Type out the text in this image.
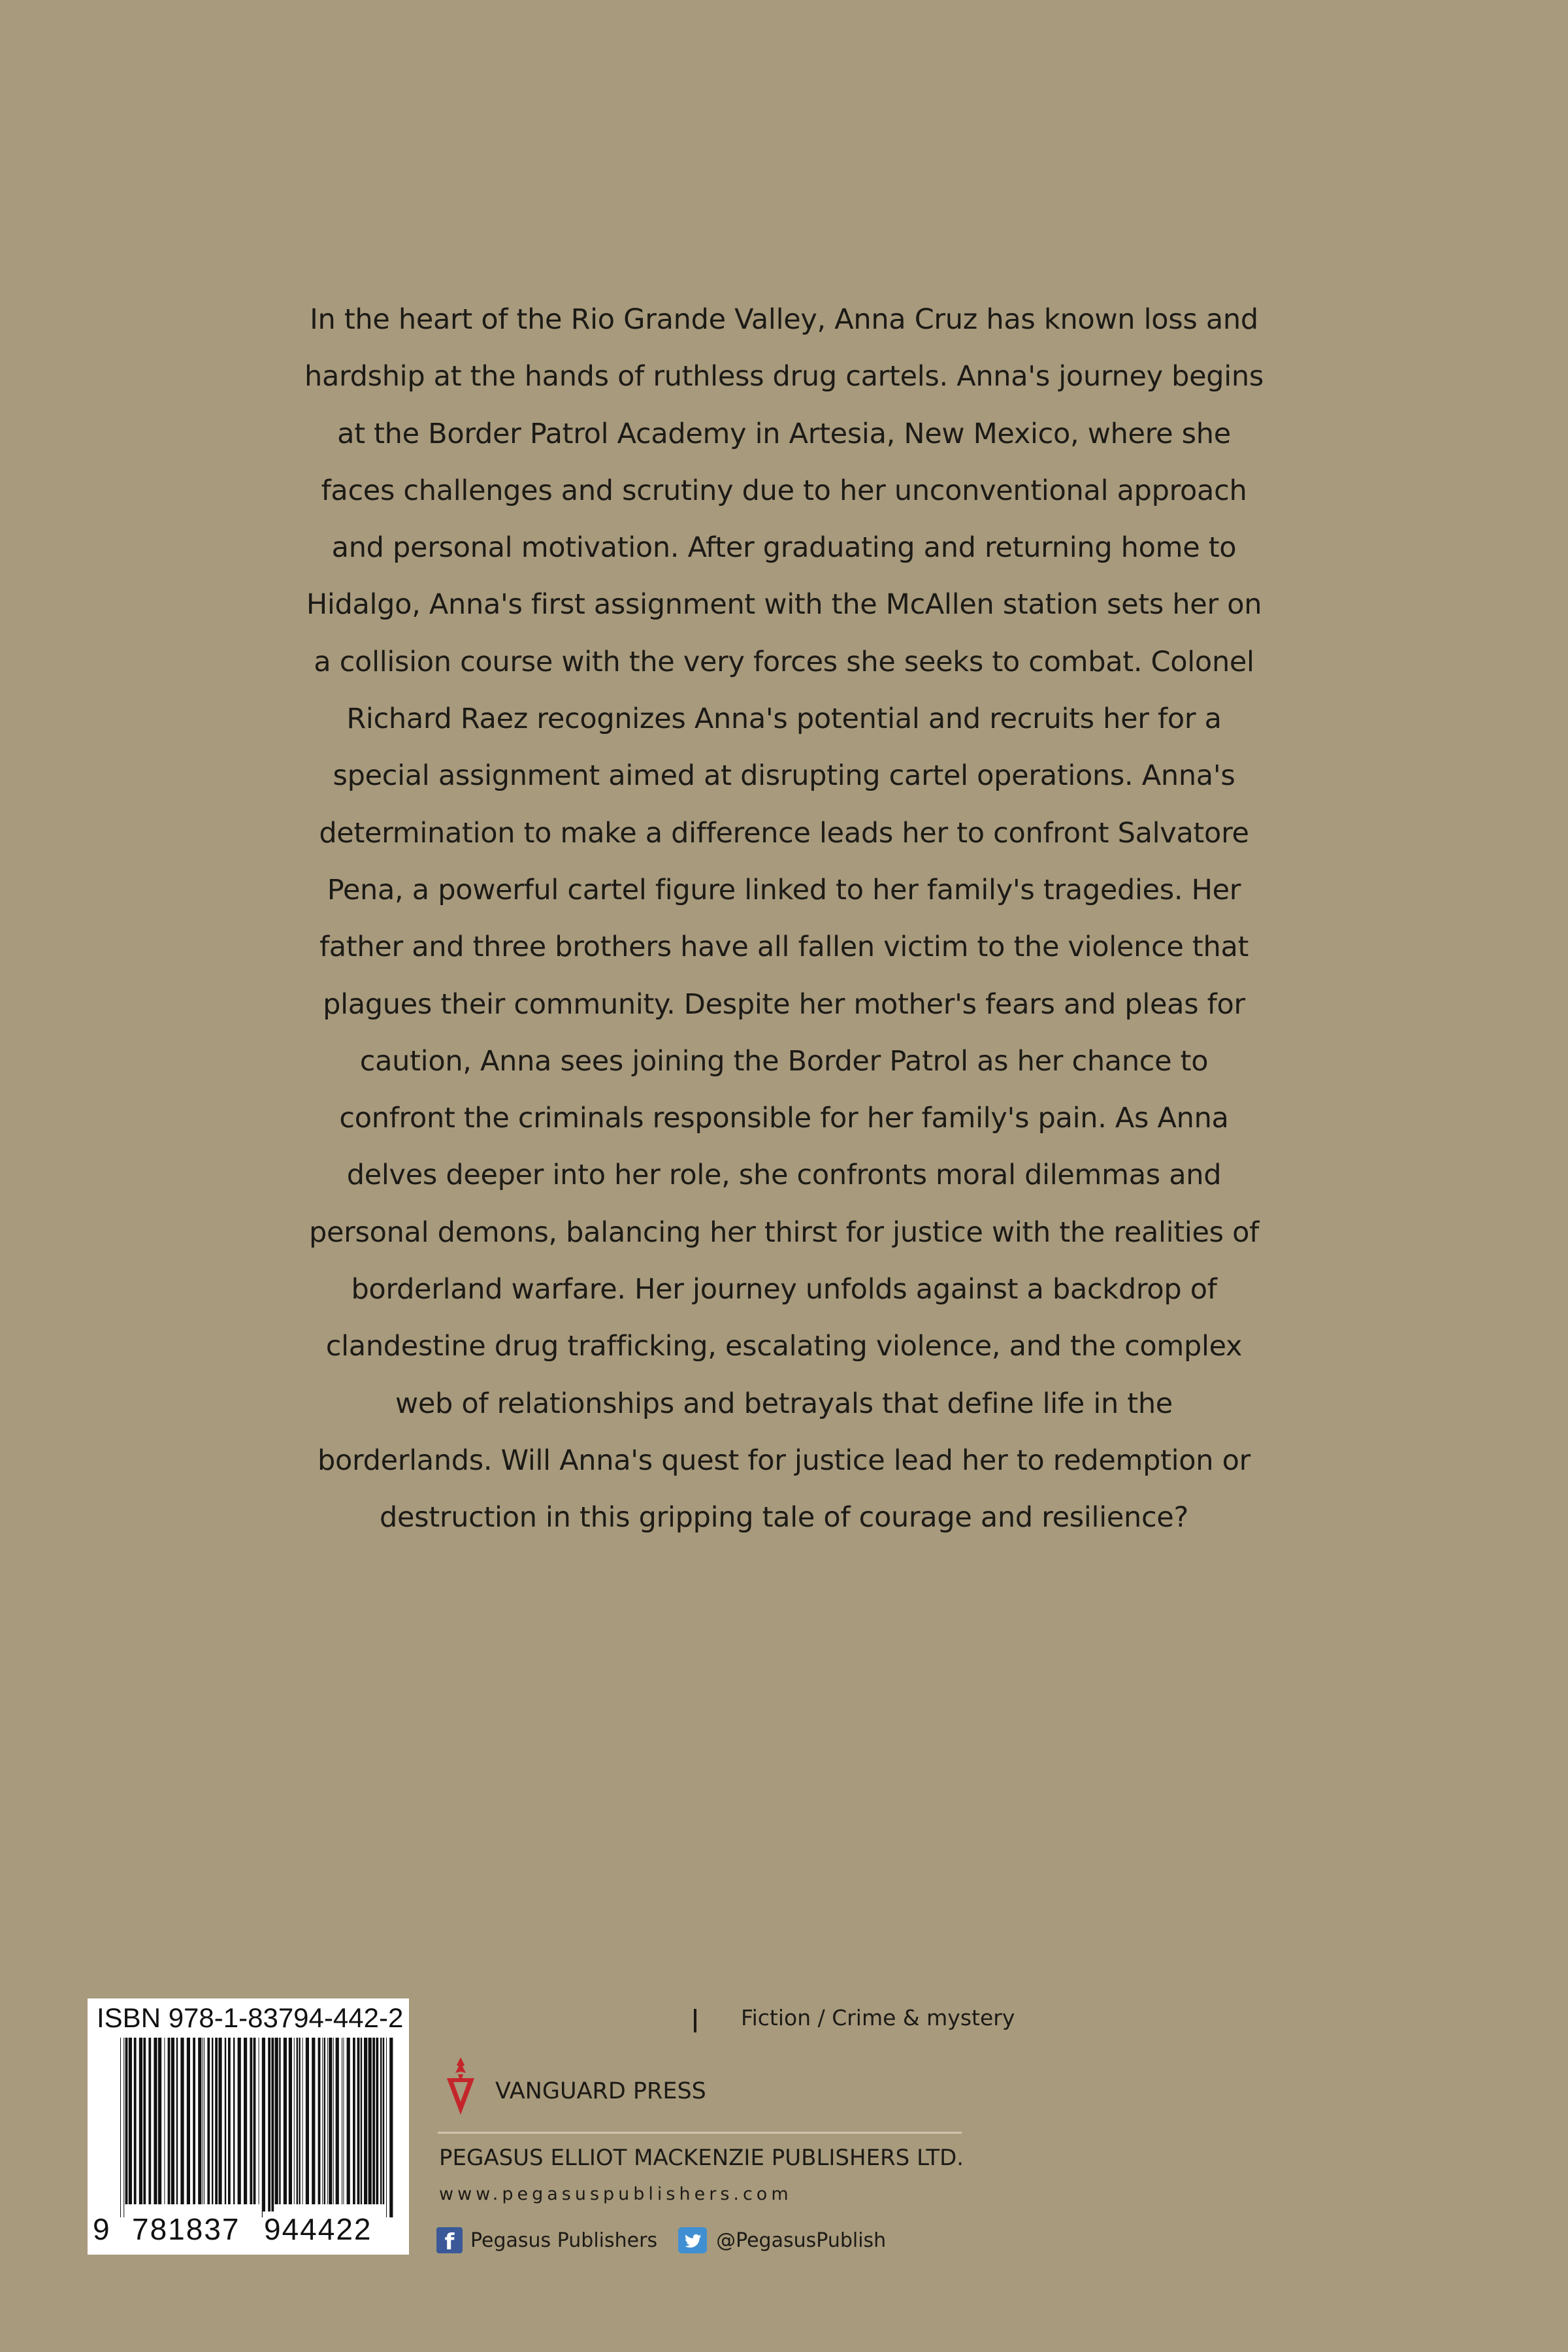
In the heart of the Rio Grande Valley, Anna Cruz has known loss and
hardship at the hands of ruthless drug cartels. Anna's journey begins
at the Border Patrol Academy in Artesia, New Mexico, where she
faces challenges and scrutiny due to her unconventional approach
and personal motivation. After graduating and returning home to
Hidalgo, Anna's first assignment with the McAllen station sets her on
a collision course with the very forces she seeks to combat. Colonel
Richard Raez recognizes Anna's potential and recruits her for a
special assignment aimed at disrupting cartel operations. Anna's
determination to make a difference leads her to confront Salvatore
Pena, a powerful cartel figure linked to her family's tragedies. Her
father and three brothers have all fallen victim to the violence that
plagues their community. Despite her mother's fears and pleas for
caution, Anna sees joining the Border Patrol as her chance to
confront the criminals responsible for her family's pain. As Anna
delves deeper into her role, she confronts moral dilemmas and
personal demons, balancing her thirst for justice with the realities of
borderland warfare. Her journey unfolds against a backdrop of
clandestine drug trafficking, escalating violence, and the complex
web of relationships and betrayals that define life in the
borderlands. Will Anna's quest for justice lead her to redemption or
destruction in this gripping tale of courage and resilience?
ISBN 978-1-83794-442-2
9 781837 944422
Fiction / Crime & mystery
VANGUARD PRESS
PEGASUS ELLIOT MACKENZIE PUBLISHERS LTD.
www.pegasuspublishers.com
f Pegasus Publishers	@PegasusPublish
